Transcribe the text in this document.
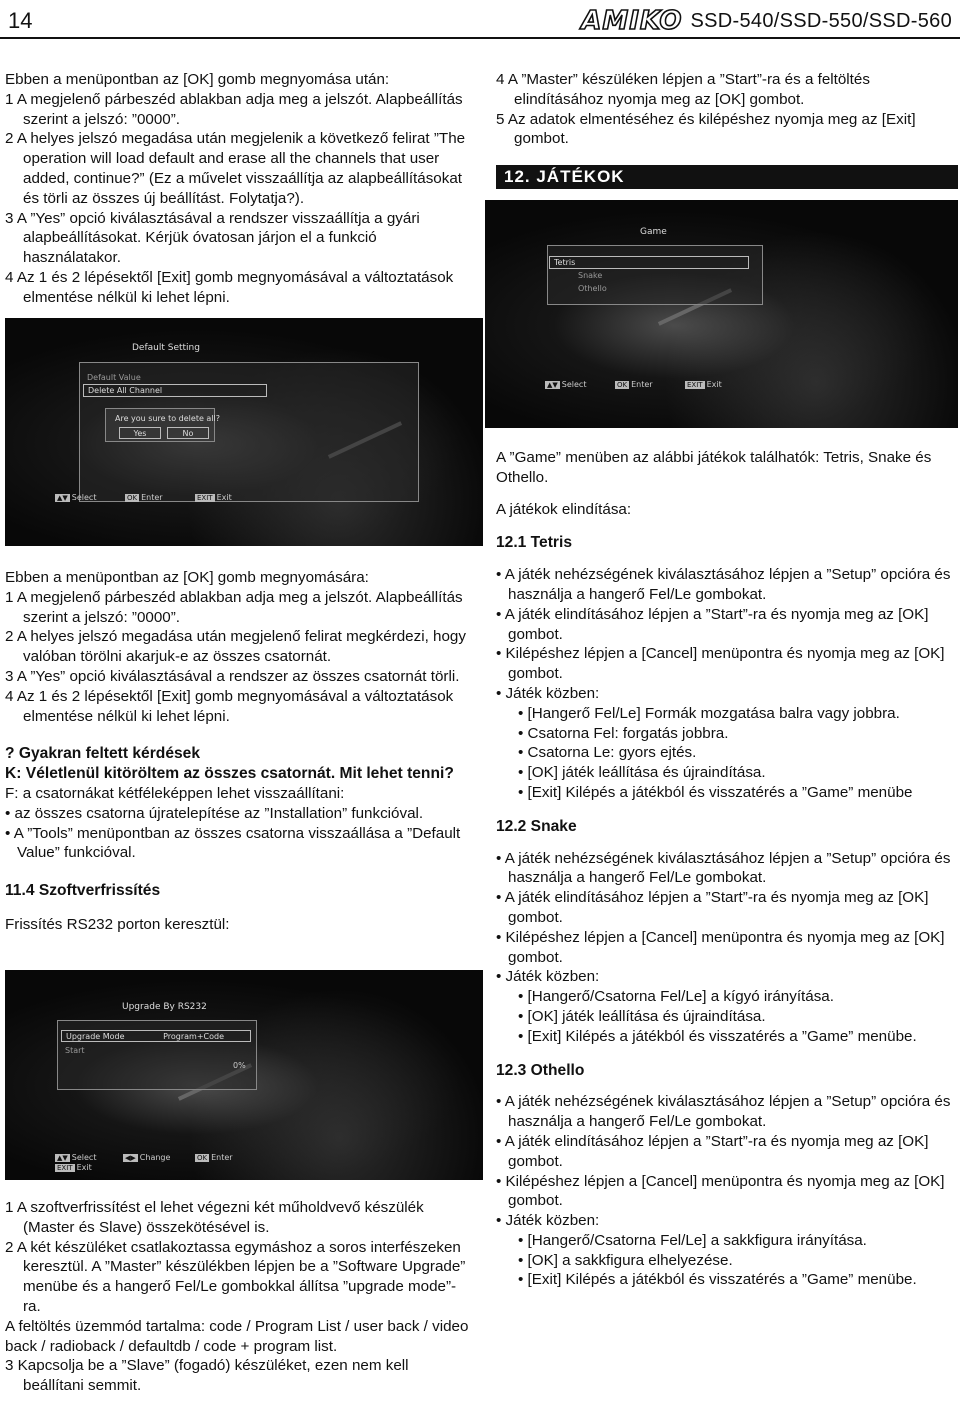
14	AMIKO SSD-540/SSD-550/SSD-560

Ebben a menüpontban az [OK] gomb megnyomása után:

1 A megjelenő párbeszéd ablakban adja meg a jelszót. Alapbeállítás szerint a jelszó: ”0000”.

2 A helyes jelszó megadása után megjelenik a következő felirat ”The operation will load default and erase all the channels that user added, continue?” (Ez a művelet visszaállítja az alapbeállításokat és törli az összes új beállítást. Folytatja?).

3 A ”Yes” opció kiválasztásával a rendszer visszaállítja a gyári alapbeállításokat. Kérjük óvatosan járjon el a funkció használatakor.

4 Az 1 és 2 lépésektől [Exit] gomb megnyomásával a változtatások elmentése nélkül ki lehet lépni.

Default Setting
Default Value
Delete All Channel
Are you sure to delete all?
Yes	No
▲▼ Select	OK Enter	EXIT Exit

Ebben a menüpontban az [OK] gomb megnyomására:

1 A megjelenő párbeszéd ablakban adja meg a jelszót. Alapbeállítás szerint a jelszó: ”0000”.

2 A helyes jelszó megadása után megjelenő felirat megkérdezi, hogy valóban törölni akarjuk-e az összes csatornát.

3 A ”Yes” opció kiválasztásával a rendszer az összes csatornát törli.

4 Az 1 és 2 lépésektől [Exit] gomb megnyomásával a változtatások elmentése nélkül ki lehet lépni.

? Gyakran feltett kérdések

K: Véletlenül kitöröltem az összes csatornát. Mit lehet tenni?

F: a csatornákat kétféleképpen lehet visszaállítani:

• az összes csatorna újratelepítése az ”Installation” funkcióval.

• A ”Tools” menüpontban az összes csatorna visszaállása a ”Default Value” funkcióval.

11.4 Szoftverfrissítés

Frissítés RS232 porton keresztül:

Upgrade By RS232
Upgrade Mode	Program+Code
Start
0%
▲▼ Select	◀▶ Change	OK Enter
EXIT Exit

1 A szoftverfrissítést el lehet végezni két műholdvevő készülék (Master és Slave) összekötésével is.

2 A két készüléket csatlakoztassa egymáshoz a soros interfészeken keresztül. A ”Master” készülékben lépjen be a ”Software Upgrade” menübe és a hangerő Fel/Le gombokkal állítsa ”upgrade mode”-ra.

A feltöltés üzemmód tartalma: code / Program List / user back / video back / radioback / defaultdb / code + program list.

3 Kapcsolja be a ”Slave” (fogadó) készüléket, ezen nem kell beállítani semmit.

4 A ”Master” készüléken lépjen a ”Start”-ra és a feltöltés elindításához nyomja meg az [OK] gombot.

5 Az adatok elmentéséhez és kilépéshez nyomja meg az [Exit] gombot.

12. JÁTÉKOK
Game
Tetris
Snake
Othello
▲▼ Select	OK Enter	EXIT Exit

A ”Game” menüben az alábbi játékok találhatók: Tetris, Snake és Othello.

A játékok elindítása:

12.1 Tetris

• A játék nehézségének kiválasztásához lépjen a ”Setup” opcióra és használja a hangerő Fel/Le gombokat.

• A játék elindításához lépjen a ”Start”-ra és nyomja meg az [OK] gombot.

• Kilépéshez lépjen a [Cancel] menüpontra és nyomja meg az [OK] gombot.

• Játék közben:

• [Hangerő Fel/Le] Formák mozgatása balra vagy jobbra.

• Csatorna Fel: forgatás jobbra.

• Csatorna Le: gyors ejtés.

• [OK] játék leállítása és újraindítása.

• [Exit] Kilépés a játékból és visszatérés a ”Game” menübe

12.2 Snake

• A játék nehézségének kiválasztásához lépjen a ”Setup” opcióra és használja a hangerő Fel/Le gombokat.

• A játék elindításához lépjen a ”Start”-ra és nyomja meg az [OK] gombot.

• Kilépéshez lépjen a [Cancel] menüpontra és nyomja meg az [OK] gombot.

• Játék közben:

• [Hangerő/Csatorna Fel/Le] a kígyó irányítása.

• [OK] játék leállítása és újraindítása.

• [Exit] Kilépés a játékból és visszatérés a ”Game” menübe.

12.3 Othello

• A játék nehézségének kiválasztásához lépjen a ”Setup” opcióra és használja a hangerő Fel/Le gombokat.

• A játék elindításához lépjen a ”Start”-ra és nyomja meg az [OK] gombot.

• Kilépéshez lépjen a [Cancel] menüpontra és nyomja meg az [OK] gombot.

• Játék közben:

• [Hangerő/Csatorna Fel/Le] a sakkfigura irányítása.

• [OK] a sakkfigura elhelyezése.

• [Exit] Kilépés a játékból és visszatérés a ”Game” menübe.
